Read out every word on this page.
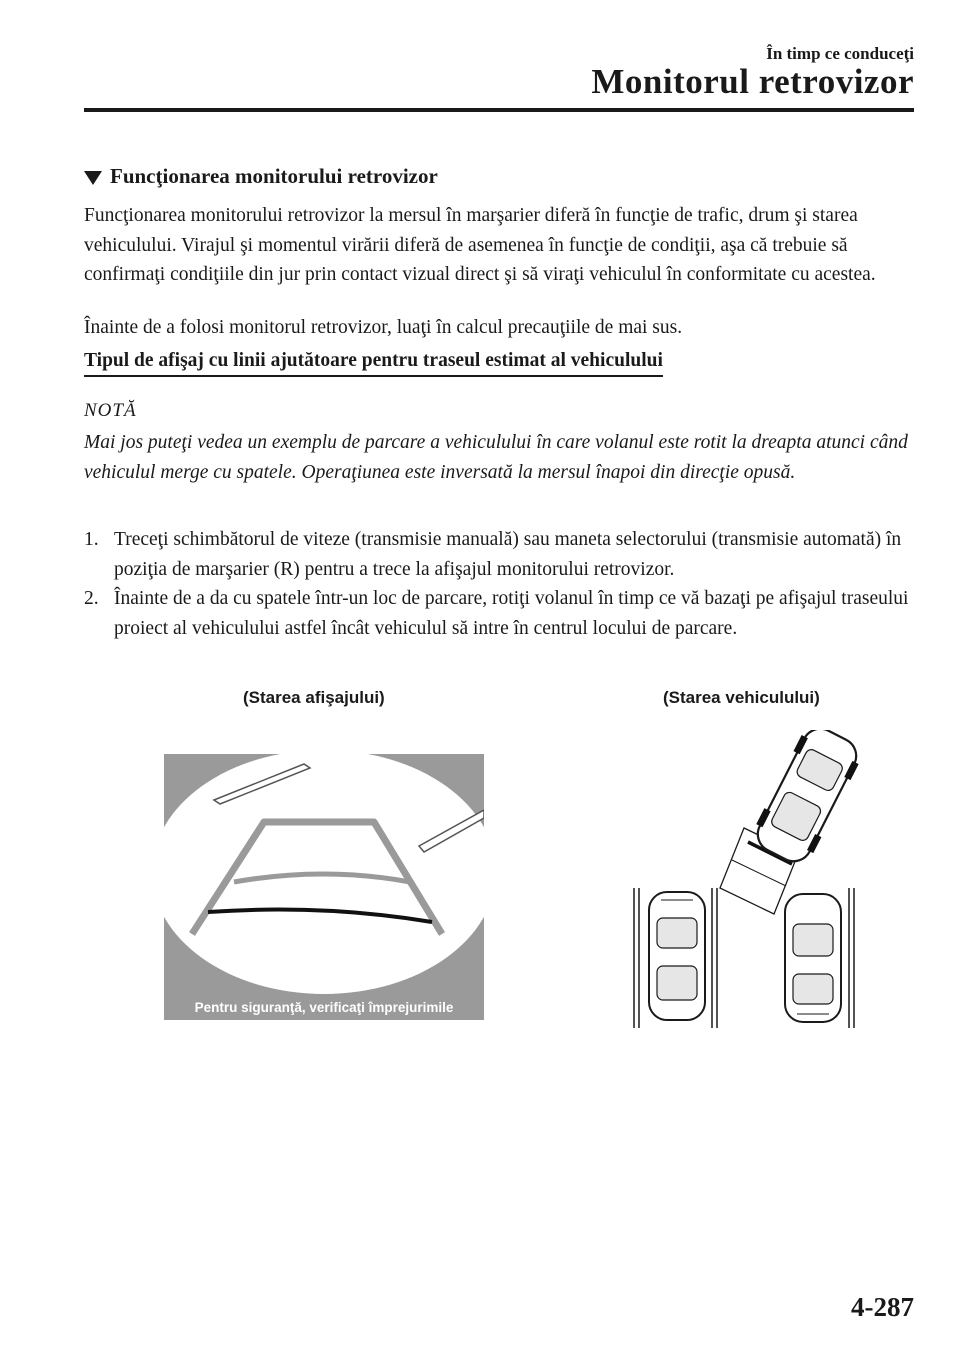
În timp ce conduceţi
Monitorul retrovizor
Funcţionarea monitorului retrovizor
Funcţionarea monitorului retrovizor la mersul în marşarier diferă în funcţie de trafic, drum şi starea vehiculului. Virajul şi momentul virării diferă de asemenea în funcţie de condiţii, aşa că trebuie să confirmaţi condiţiile din jur prin contact vizual direct şi să viraţi vehiculul în conformitate cu acestea.
Înainte de a folosi monitorul retrovizor, luaţi în calcul precauţiile de mai sus.
Tipul de afişaj cu linii ajutătoare pentru traseul estimat al vehiculului
NOTĂ
Mai jos puteţi vedea un exemplu de parcare a vehiculului în care volanul este rotit la dreapta atunci când vehiculul merge cu spatele. Operaţiunea este inversată la mersul înapoi din direcţie opusă.
1. Treceţi schimbătorul de viteze (transmisie manuală) sau maneta selectorului (transmisie automată) în poziţia de marşarier (R) pentru a trece la afişajul monitorului retrovizor.
2. Înainte de a da cu spatele într-un loc de parcare, rotiţi volanul în timp ce vă bazaţi pe afişajul traseului proiect al vehiculului astfel încât vehiculul să intre în centrul locului de parcare.
(Starea afişajului)	(Starea vehiculului)
Pentru siguranţă, verificaţi împrejurimile
4-287
